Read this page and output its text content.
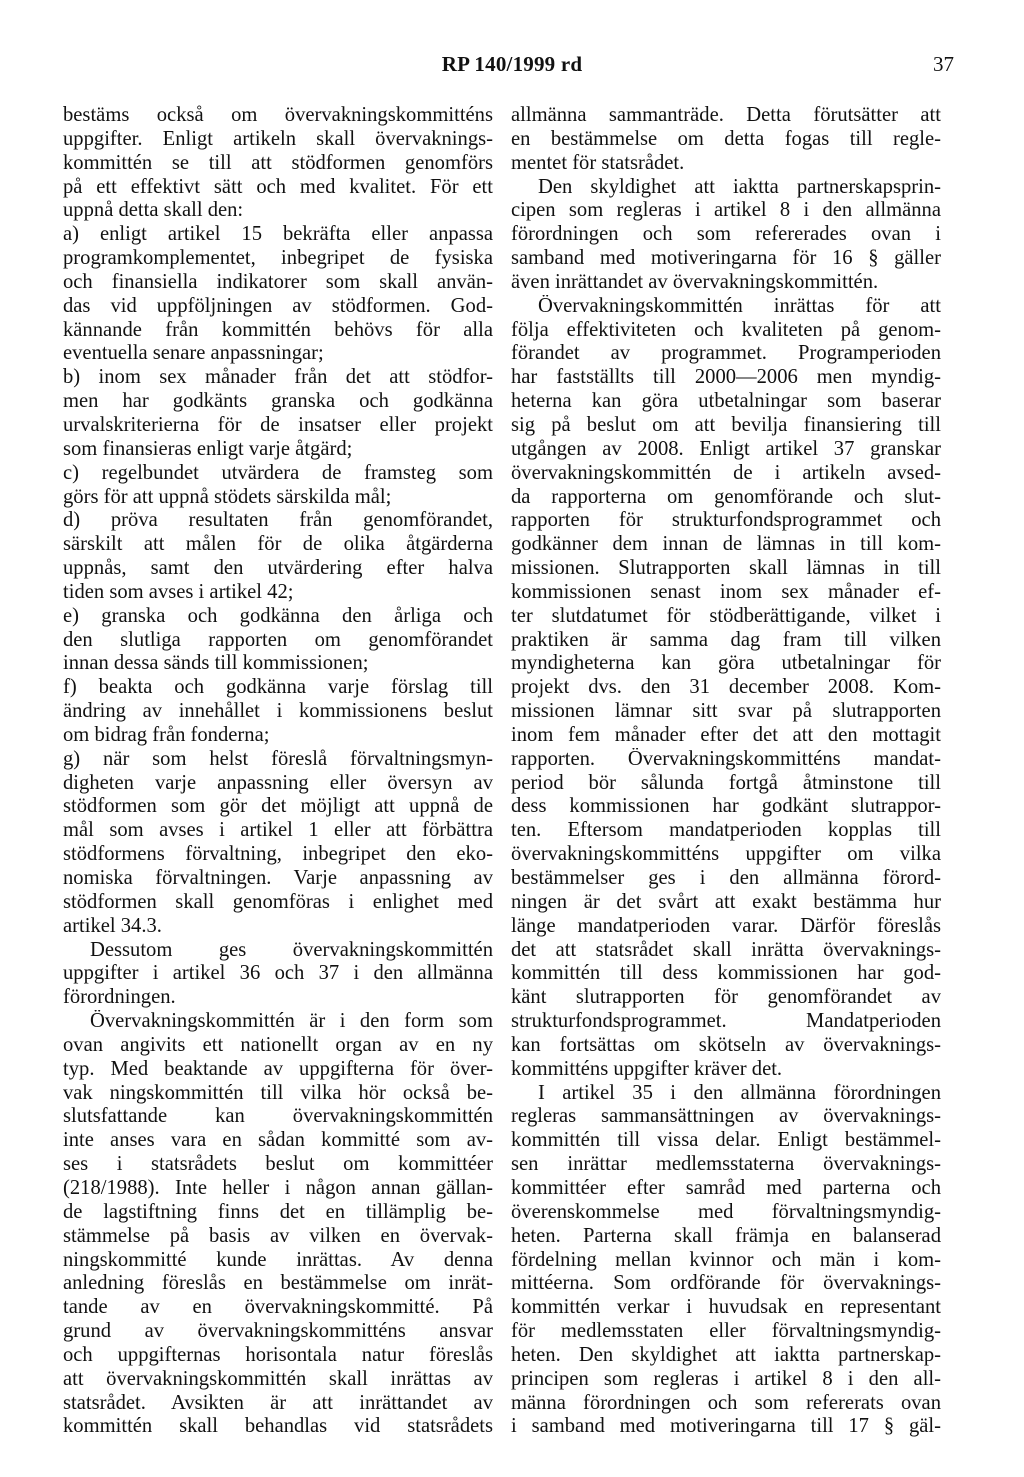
RP 140/1999 rd	37
bestäms också om övervakningskommitténs
uppgifter. Enligt artikeln skall övervaknings-
kommittén se till att stödformen genomförs
på ett effektivt sätt och med kvalitet. För ett
uppnå detta skall den:
a) enligt artikel 15 bekräfta eller anpassa
programkomplementet, inbegripet de fysiska
och finansiella indikatorer som skall använ-
das vid uppföljningen av stödformen. God-
kännande från kommittén behövs för alla
eventuella senare anpassningar;
b) inom sex månader från det att stödfor-
men har godkänts granska och godkänna
urvalskriterierna för de insatser eller projekt
som finansieras enligt varje åtgärd;
c) regelbundet utvärdera de framsteg som
görs för att uppnå stödets särskilda mål;
d) pröva resultaten från genomförandet,
särskilt att målen för de olika åtgärderna
uppnås, samt den utvärdering efter halva
tiden som avses i artikel 42;
e) granska och godkänna den årliga och
den slutliga rapporten om genomförandet
innan dessa sänds till kommissionen;
f) beakta och godkänna varje förslag till
ändring av innehållet i kommissionens beslut
om bidrag från fonderna;
g) när som helst föreslå förvaltningsmyn-
digheten varje anpassning eller översyn av
stödformen som gör det möjligt att uppnå de
mål som avses i artikel 1 eller att förbättra
stödformens förvaltning, inbegripet den eko-
nomiska förvaltningen. Varje anpassning av
stödformen skall genomföras i enlighet med
artikel 34.3.
Dessutom ges övervakningskommittén
uppgifter i artikel 36 och 37 i den allmänna
förordningen.
Övervakningskommittén är i den form som
ovan angivits ett nationellt organ av en ny
typ. Med beaktande av uppgifterna för över-
vak ningskommittén till vilka hör också be-
slutsfattande kan övervakningskommittén
inte anses vara en sådan kommitté som av-
ses i statsrådets beslut om kommittéer
(218/1988). Inte heller i någon annan gällan-
de lagstiftning finns det en tillämplig be-
stämmelse på basis av vilken en övervak-
ningskommitté kunde inrättas. Av denna
anledning föreslås en bestämmelse om inrät-
tande av en övervakningskommitté. På
grund av övervakningskommitténs ansvar
och uppgifternas horisontala natur föreslås
att övervakningskommittén skall inrättas av
statsrådet. Avsikten är att inrättandet av
kommittén skall behandlas vid statsrådets
allmänna sammanträde. Detta förutsätter att
en bestämmelse om detta fogas till regle-
mentet för statsrådet.
Den skyldighet att iaktta partnerskapsprin-
cipen som regleras i artikel 8 i den allmänna
förordningen och som refererades ovan i
samband med motiveringarna för 16 § gäller
även inrättandet av övervakningskommittén.
Övervakningskommittén inrättas för att
följa effektiviteten och kvaliteten på genom-
förandet av programmet. Programperioden
har fastställts till 2000—2006 men myndig-
heterna kan göra utbetalningar som baserar
sig på beslut om att bevilja finansiering till
utgången av 2008. Enligt artikel 37 granskar
övervakningskommittén de i artikeln avsed-
da rapporterna om genomförande och slut-
rapporten för strukturfondsprogrammet och
godkänner dem innan de lämnas in till kom-
missionen. Slutrapporten skall lämnas in till
kommissionen senast inom sex månader ef-
ter slutdatumet för stödberättigande, vilket i
praktiken är samma dag fram till vilken
myndigheterna kan göra utbetalningar för
projekt dvs. den 31 december 2008. Kom-
missionen lämnar sitt svar på slutrapporten
inom fem månader efter det att den mottagit
rapporten. Övervakningskommitténs mandat-
period bör sålunda fortgå åtminstone till
dess kommissionen har godkänt slutrappor-
ten. Eftersom mandatperioden kopplas till
övervakningskommitténs uppgifter om vilka
bestämmelser ges i den allmänna förord-
ningen är det svårt att exakt bestämma hur
länge mandatperioden varar. Därför föreslås
det att statsrådet skall inrätta övervaknings-
kommittén till dess kommissionen har god-
känt slutrapporten för genomförandet av
strukturfondsprogrammet. Mandatperioden
kan fortsättas om skötseln av övervaknings-
kommitténs uppgifter kräver det.
I artikel 35 i den allmänna förordningen
regleras sammansättningen av övervaknings-
kommittén till vissa delar. Enligt bestämmel-
sen inrättar medlemsstaterna övervaknings-
kommittéer efter samråd med parterna och
överenskommelse med förvaltningsmyndig-
heten. Parterna skall främja en balanserad
fördelning mellan kvinnor och män i kom-
mittéerna. Som ordförande för övervaknings-
kommittén verkar i huvudsak en representant
för medlemsstaten eller förvaltningsmyndig-
heten. Den skyldighet att iaktta partnerskap-
principen som regleras i artikel 8 i den all-
männa förordningen och som refererats ovan
i samband med motiveringarna till 17 § gäl-
